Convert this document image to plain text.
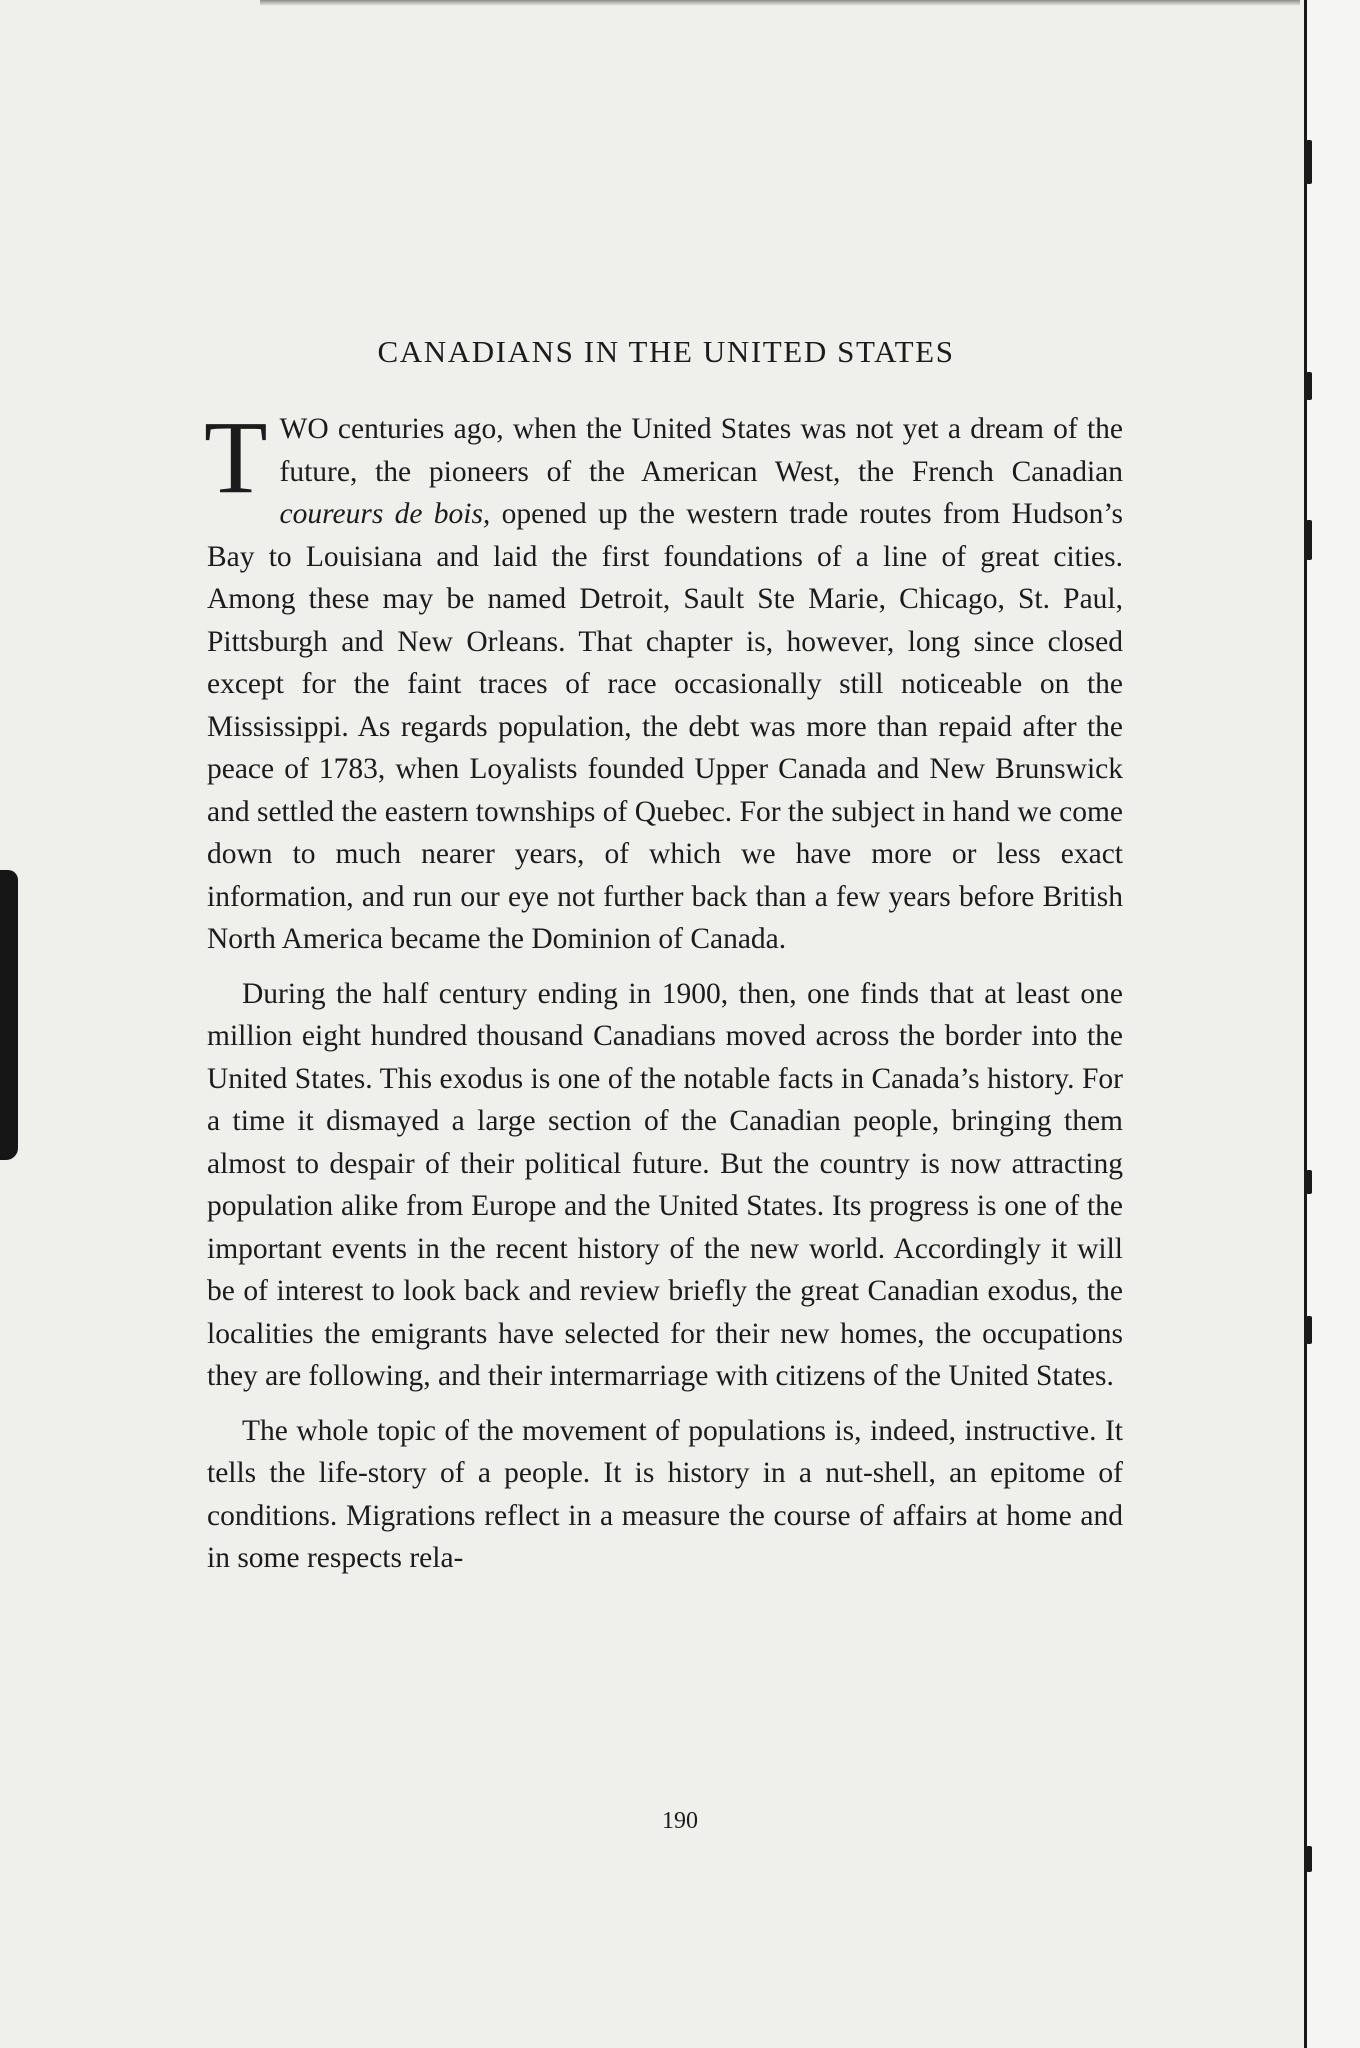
CANADIANS IN THE UNITED STATES

TWO centuries ago, when the United States was not yet a dream of the future, the pioneers of the American West, the French Canadian coureurs de bois, opened up the western trade routes from Hudson’s Bay to Louisiana and laid the first foundations of a line of great cities. Among these may be named Detroit, Sault Ste Marie, Chicago, St. Paul, Pittsburgh and New Orleans. That chapter is, however, long since closed except for the faint traces of race occasionally still noticeable on the Mississippi. As regards population, the debt was more than repaid after the peace of 1783, when Loyalists founded Upper Canada and New Brunswick and settled the eastern townships of Quebec. For the subject in hand we come down to much nearer years, of which we have more or less exact information, and run our eye not further back than a few years before British North America became the Dominion of Canada.

During the half century ending in 1900, then, one finds that at least one million eight hundred thousand Canadians moved across the border into the United States. This exodus is one of the notable facts in Canada’s history. For a time it dismayed a large section of the Canadian people, bringing them almost to despair of their political future. But the country is now attracting population alike from Europe and the United States. Its progress is one of the important events in the recent history of the new world. Accordingly it will be of interest to look back and review briefly the great Canadian exodus, the localities the emigrants have selected for their new homes, the occupations they are following, and their intermarriage with citizens of the United States.

The whole topic of the movement of populations is, indeed, instructive. It tells the life-story of a people. It is history in a nut-shell, an epitome of conditions. Migrations reflect in a measure the course of affairs at home and in some respects rela-

190
